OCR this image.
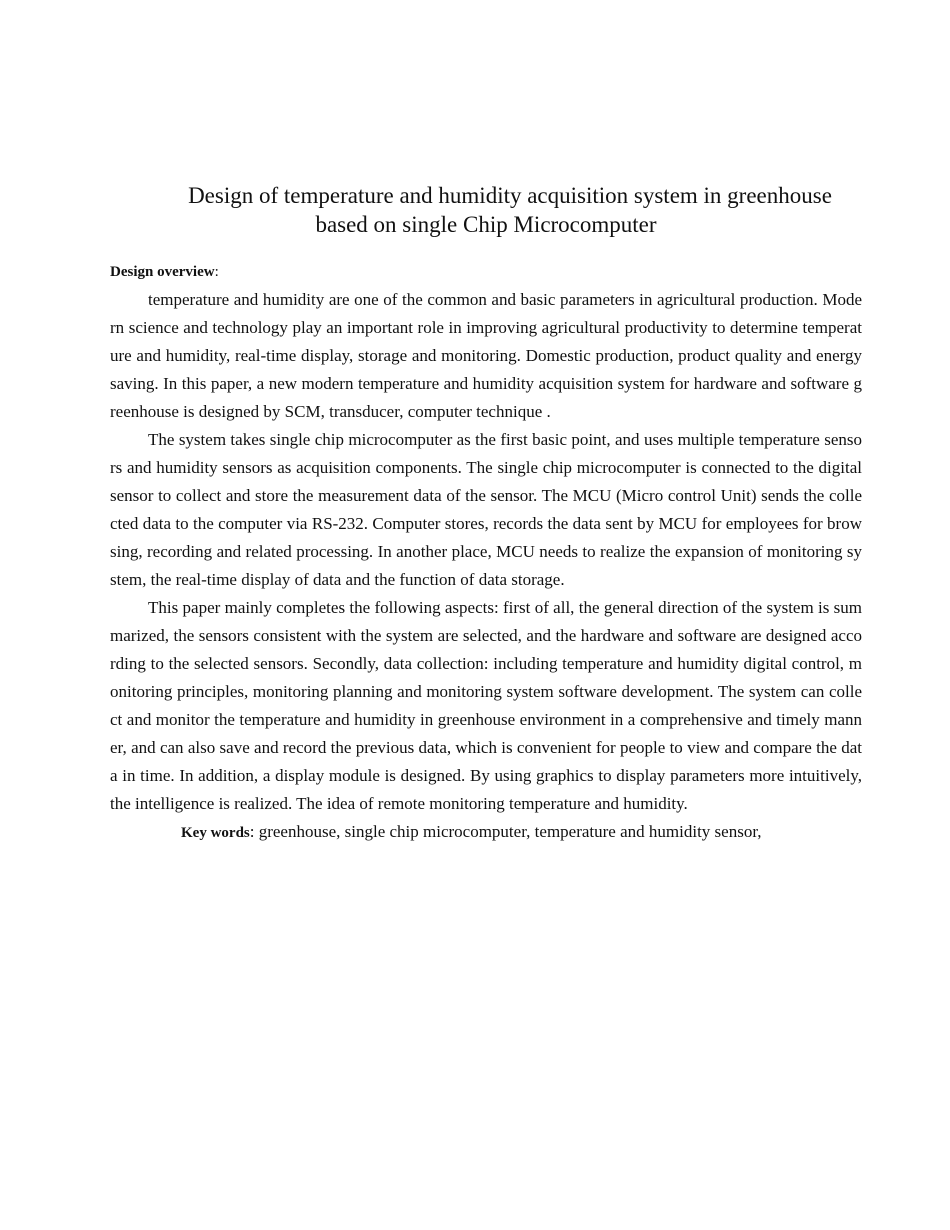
Design of temperature and humidity acquisition system in greenhouse
based on single Chip Microcomputer

Design overview:

temperature and humidity are one of the common and basic parameters in agricultural production. Modern science and technology play an important role in improving agricultural productivity to determine temperature and humidity, real-time display, storage and monitoring. Domestic production, product quality and energy saving. In this paper, a new modern temperature and humidity acquisition system for hardware and software greenhouse is designed by SCM, transducer, computer technique .

The system takes single chip microcomputer as the first basic point, and uses multiple temperature sensors and humidity sensors as acquisition components. The single chip microcomputer is connected to the digital sensor to collect and store the measurement data of the sensor. The MCU (Micro control Unit) sends the collected data to the computer via RS-232. Computer stores, records the data sent by MCU for employees for browsing, recording and related processing. In another place, MCU needs to realize the expansion of monitoring system, the real-time display of data and the function of data storage.

This paper mainly completes the following aspects: first of all, the general direction of the system is summarized, the sensors consistent with the system are selected, and the hardware and software are designed according to the selected sensors. Secondly, data collection: including temperature and humidity digital control, monitoring principles, monitoring planning and monitoring system software development. The system can collect and monitor the temperature and humidity in greenhouse environment in a comprehensive and timely manner, and can also save and record the previous data, which is convenient for people to view and compare the data in time. In addition, a display module is designed. By using graphics to display parameters more intuitively, the intelligence is realized. The idea of remote monitoring temperature and humidity.

Key words: greenhouse, single chip microcomputer, temperature and humidity sensor,
